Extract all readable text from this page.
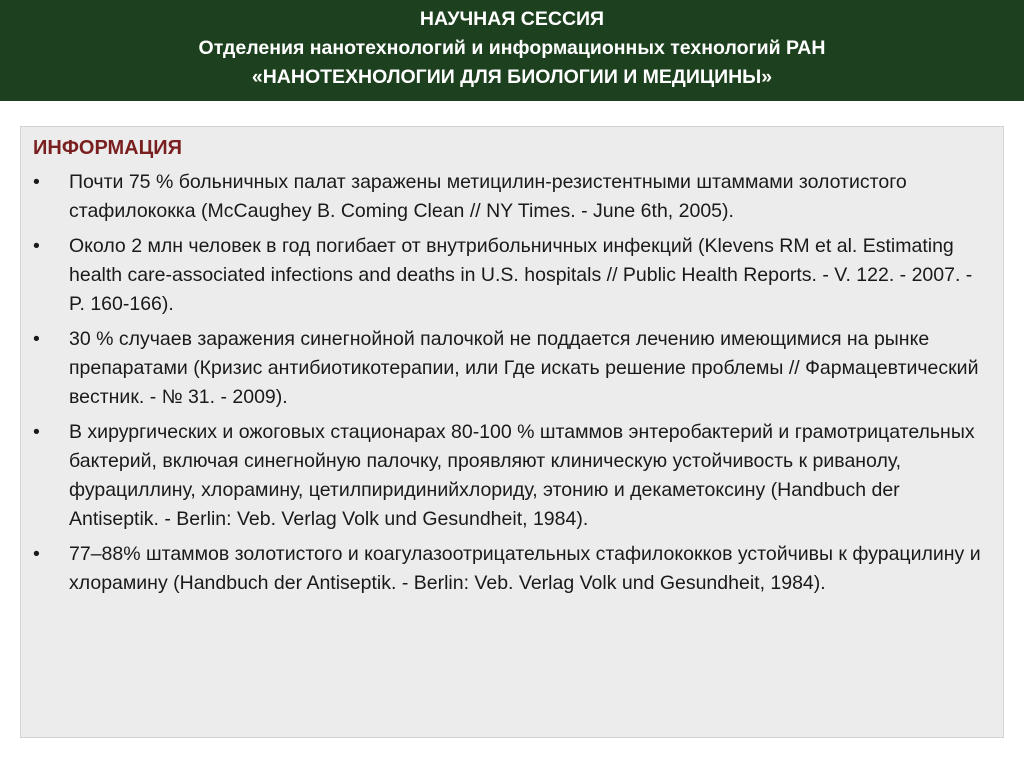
НАУЧНАЯ СЕССИЯ
Отделения нанотехнологий и информационных технологий РАН
«НАНОТЕХНОЛОГИИ ДЛЯ БИОЛОГИИ И МЕДИЦИНЫ»
ИНФОРМАЦИЯ
•	Почти 75 % больничных палат заражены метицилин-резистентными штаммами золотистого стафилококка (McCaughey B. Coming Clean // NY Times. - June 6th, 2005).
•	Около 2 млн человек в год погибает от внутрибольничных инфекций (Klevens RM et al. Estimating health care-associated infections and deaths in U.S. hospitals // Public Health Reports. - V. 122. - 2007. - P. 160-166).
•	30 % случаев заражения синегнойной палочкой не поддается лечению имеющимися на рынке препаратами (Кризис антибиотикотерапии, или Где искать решение проблемы // Фармацевтический вестник. - № 31. - 2009).
•	В хирургических и ожоговых стационарах 80-100 % штаммов энтеробактерий и грамотрицательных бактерий, включая синегнойную палочку, проявляют клиническую устойчивость к риванолу, фурациллину, хлорамину, цетилпиридинийхлориду, этонию и декаметоксину (Handbuch der Antiseptik. - Berlin: Veb. Verlag Volk und Gesundheit, 1984).
•	77–88% штаммов золотистого и коагулазоотрицательных стафилококков устойчивы к фурацилину и хлорамину (Handbuch der Antiseptik. - Berlin: Veb. Verlag Volk und Gesundheit, 1984).
